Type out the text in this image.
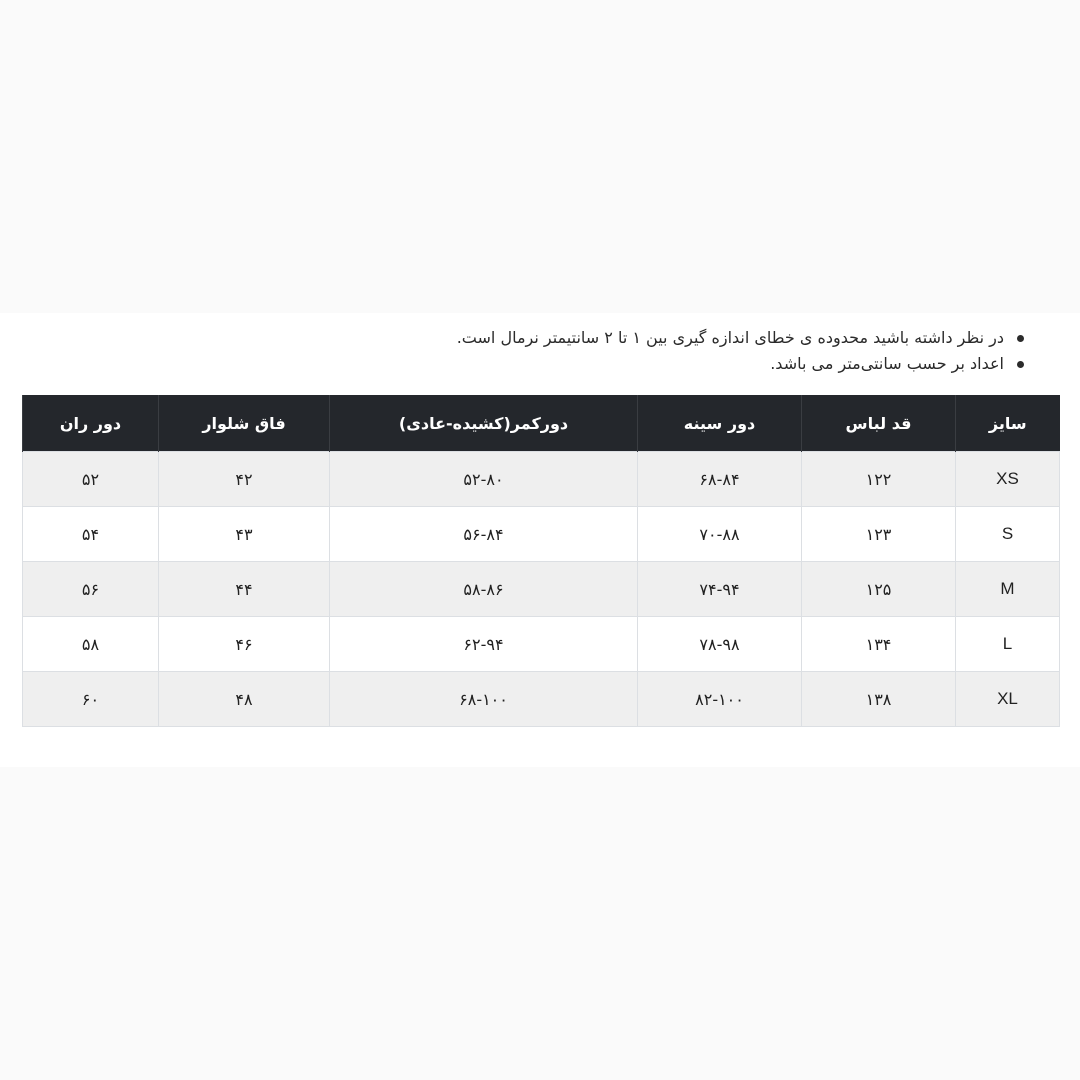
در نظر داشته باشید محدوده ی خطای اندازه گیری بین ۱ تا ۲ سانتیمتر نرمال است.
اعداد بر حسب سانتی‌متر می باشد.
سایز	قد لباس	دور سینه	دورکمر(کشیده-عادی)	فاق شلوار	دور ران
XS	۱۲۲	۶۸-۸۴	۵۲-۸۰	۴۲	۵۲
S	۱۲۳	۷۰-۸۸	۵۶-۸۴	۴۳	۵۴
M	۱۲۵	۷۴-۹۴	۵۸-۸۶	۴۴	۵۶
L	۱۳۴	۷۸-۹۸	۶۲-۹۴	۴۶	۵۸
XL	۱۳۸	۸۲-۱۰۰	۶۸-۱۰۰	۴۸	۶۰
